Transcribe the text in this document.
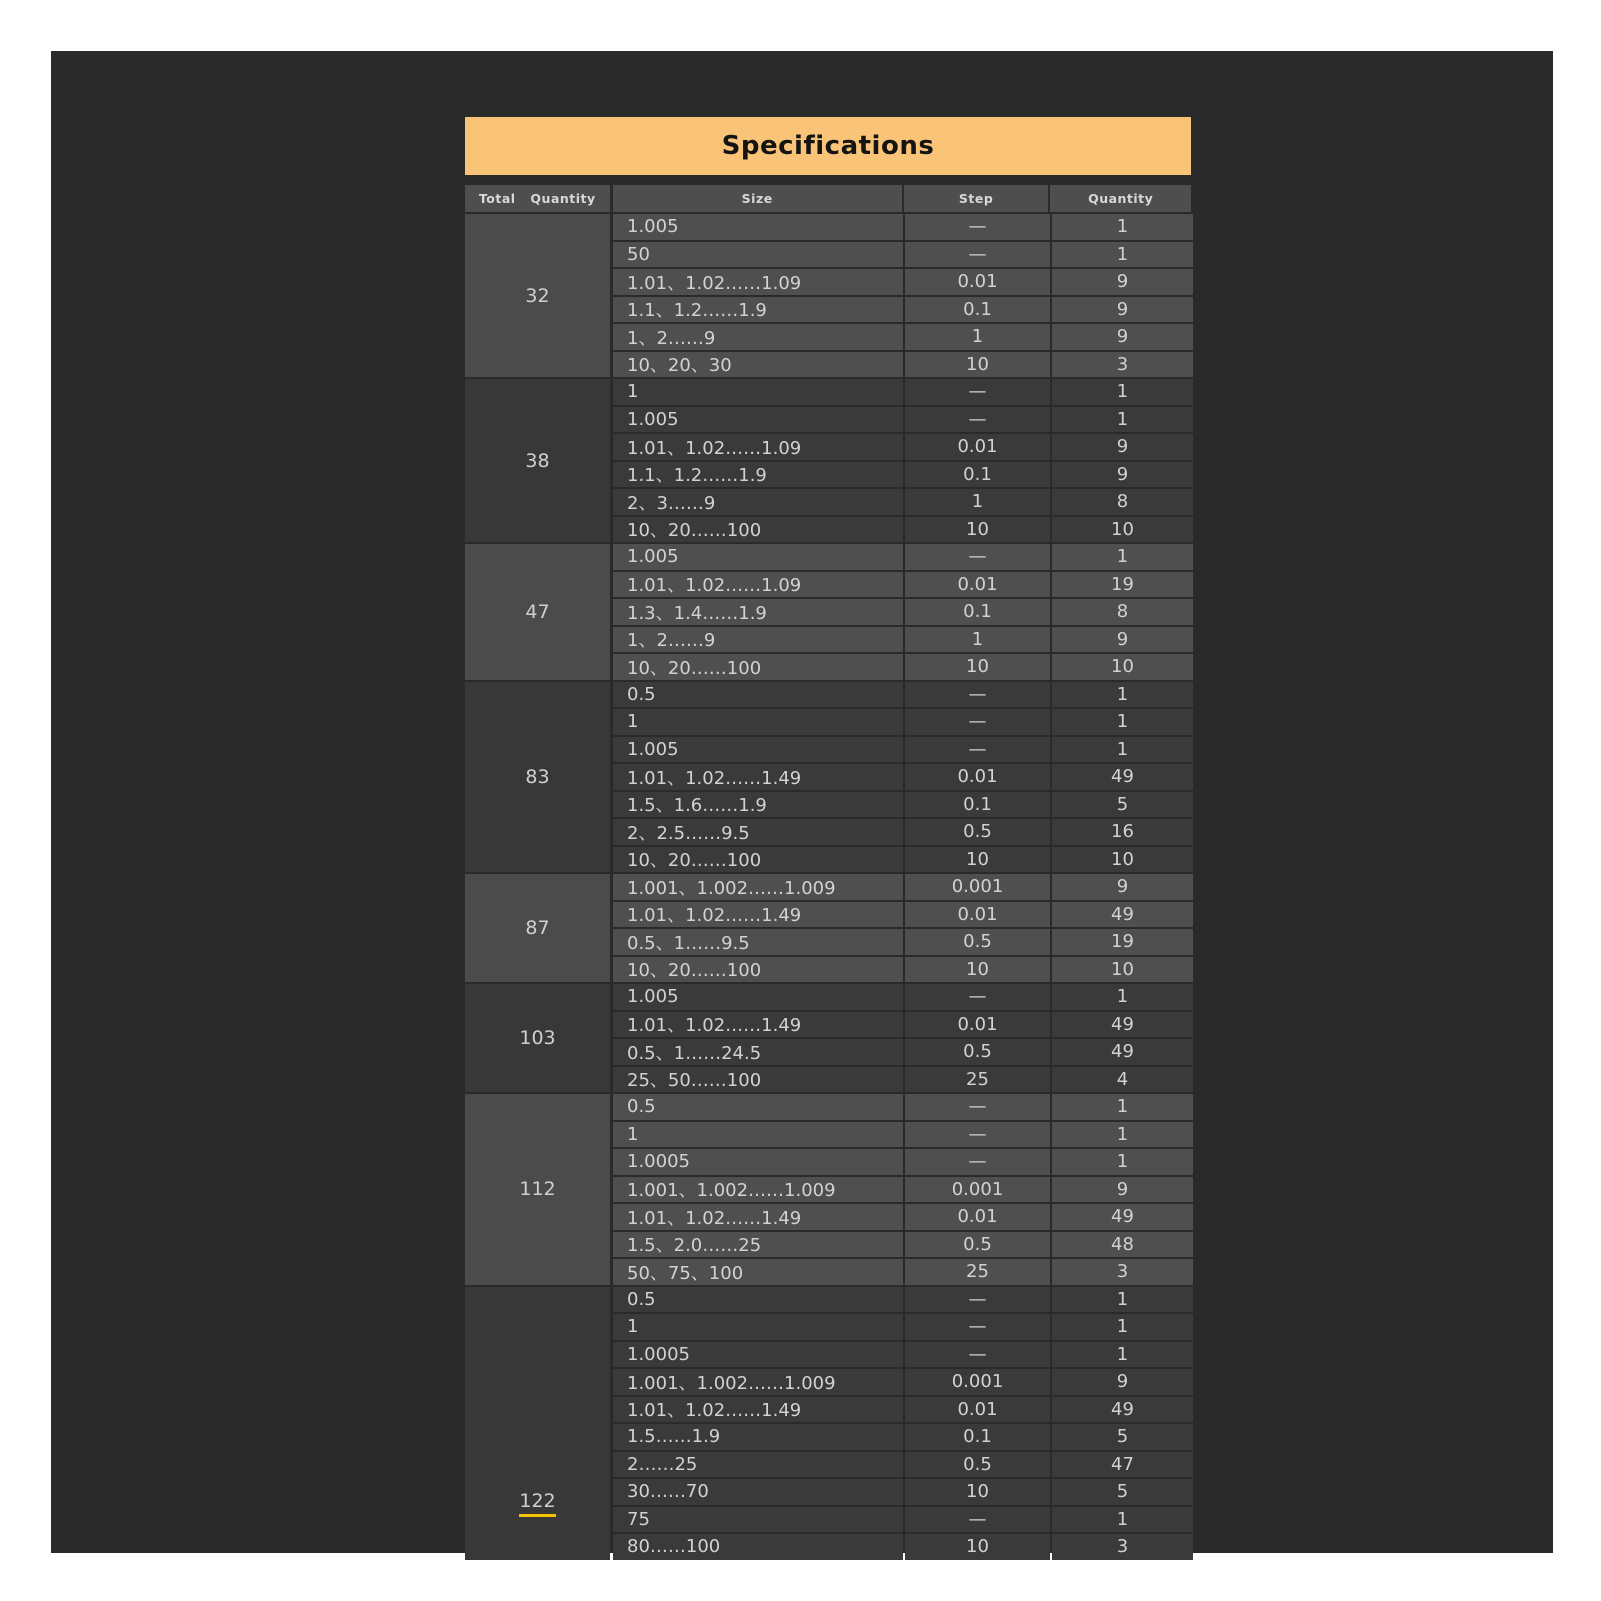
Specifications
Total Quantity	Size	Step	Quantity
32
1.005	—	1
50	—	1
1.01、1.02……1.09	0.01	9
1.1、1.2……1.9	0.1	9
1、2……9	1	9
10、20、30	10	3
38
1	—	1
1.005	—	1
1.01、1.02……1.09	0.01	9
1.1、1.2……1.9	0.1	9
2、3……9	1	8
10、20……100	10	10
47
1.005	—	1
1.01、1.02……1.09	0.01	19
1.3、1.4……1.9	0.1	8
1、2……9	1	9
10、20……100	10	10
83
0.5	—	1
1	—	1
1.005	—	1
1.01、1.02……1.49	0.01	49
1.5、1.6……1.9	0.1	5
2、2.5……9.5	0.5	16
10、20……100	10	10
87
1.001、1.002……1.009	0.001	9
1.01、1.02……1.49	0.01	49
0.5、1……9.5	0.5	19
10、20……100	10	10
103
1.005	—	1
1.01、1.02……1.49	0.01	49
0.5、1……24.5	0.5	49
25、50……100	25	4
112
0.5	—	1
1	—	1
1.0005	—	1
1.001、1.002……1.009	0.001	9
1.01、1.02……1.49	0.01	49
1.5、2.0……25	0.5	48
50、75、100	25	3
122
0.5	—	1
1	—	1
1.0005	—	1
1.001、1.002……1.009	0.001	9
1.01、1.02……1.49	0.01	49
1.5……1.9	0.1	5
2……25	0.5	47
30……70	10	5
75	—	1
80……100	10	3
